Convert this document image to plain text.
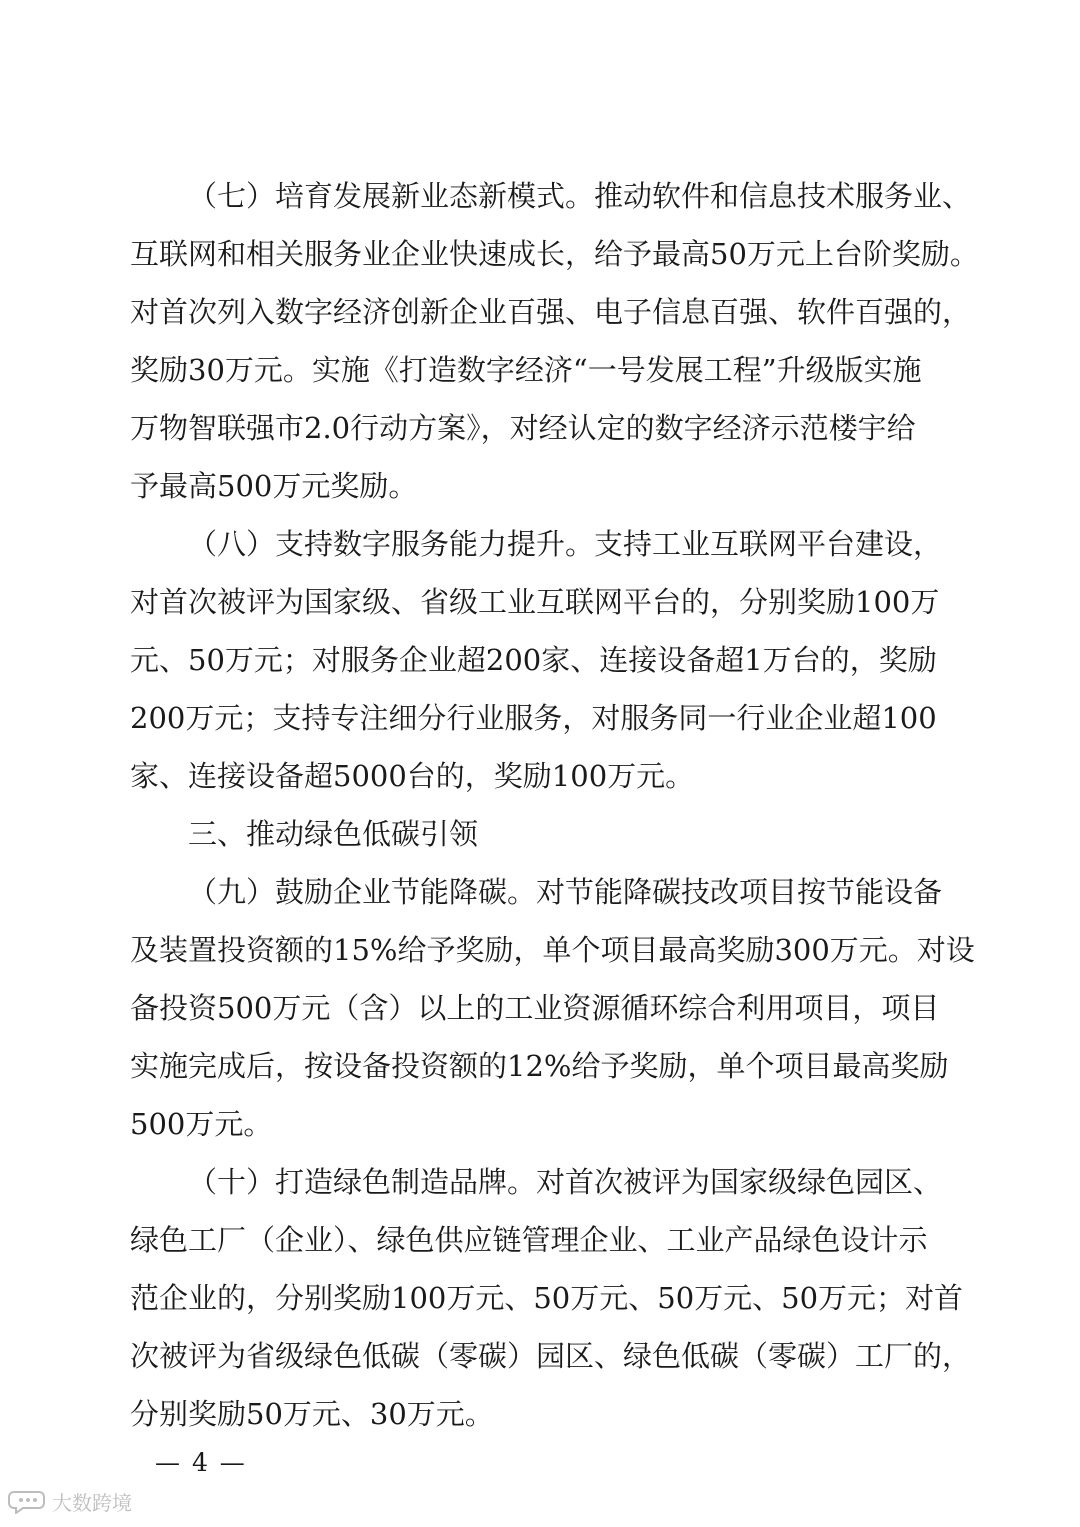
（七）培育发展新业态新模式。推动软件和信息技术服务业、
互联网和相关服务业企业快速成长，给予最高50万元上台阶奖励。
对首次列入数字经济创新企业百强、电子信息百强、软件百强的，
奖励30万元。实施《打造数字经济“一号发展工程”升级版实施
万物智联强市2.0行动方案》，对经认定的数字经济示范楼宇给
予最高500万元奖励。
（八）支持数字服务能力提升。支持工业互联网平台建设，
对首次被评为国家级、省级工业互联网平台的，分别奖励100万
元、50万元；对服务企业超200家、连接设备超1万台的，奖励
200万元；支持专注细分行业服务，对服务同一行业企业超100
家、连接设备超5000台的，奖励100万元。
三、推动绿色低碳引领
（九）鼓励企业节能降碳。对节能降碳技改项目按节能设备
及装置投资额的15%给予奖励，单个项目最高奖励300万元。对设
备投资500万元（含）以上的工业资源循环综合利用项目，项目
实施完成后，按设备投资额的12%给予奖励，单个项目最高奖励
500万元。
（十）打造绿色制造品牌。对首次被评为国家级绿色园区、
绿色工厂（企业）、绿色供应链管理企业、工业产品绿色设计示
范企业的，分别奖励100万元、50万元、50万元、50万元；对首
次被评为省级绿色低碳（零碳）园区、绿色低碳（零碳）工厂的，
分别奖励50万元、30万元。
— 4 —
大数跨境
